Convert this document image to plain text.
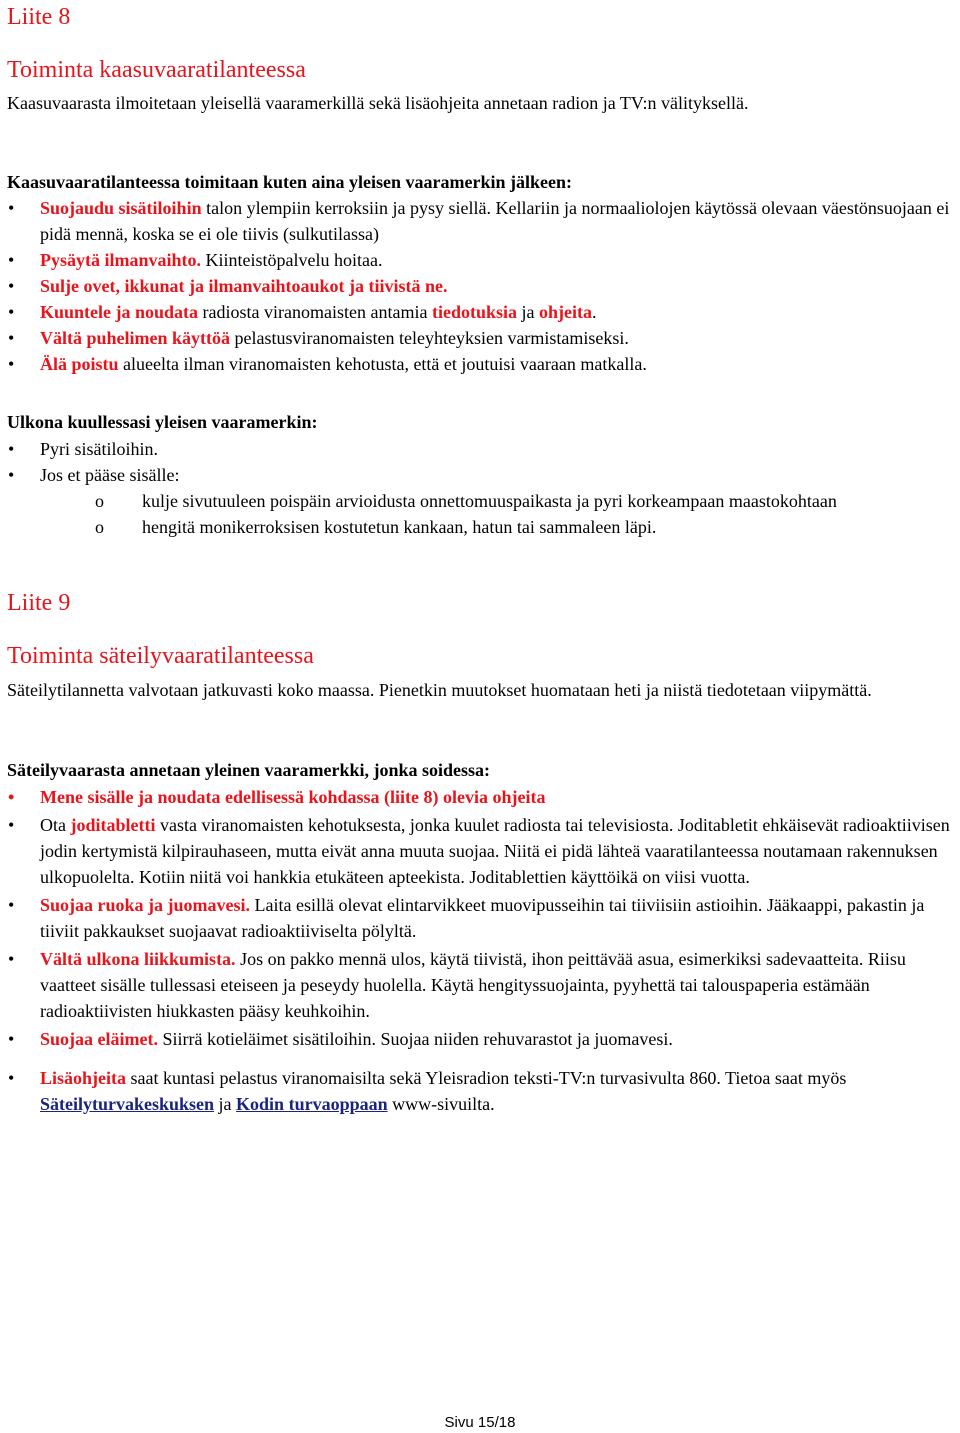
Liite 8
Toiminta kaasuvaaratilanteessa
Kaasuvaarasta ilmoitetaan yleisellä vaaramerkillä sekä lisäohjeita annetaan radion ja TV:n välityksellä.
Kaasuvaaratilanteessa toimitaan kuten aina yleisen vaaramerkin jälkeen:
• Suojaudu sisätiloihin talon ylempiin kerroksiin ja pysy siellä. Kellariin ja normaaliolojen käytössä olevaan väestönsuojaan ei pidä mennä, koska se ei ole tiivis (sulkutilassa)
• Pysäytä ilmanvaihto. Kiinteistöpalvelu hoitaa.
• Sulje ovet, ikkunat ja ilmanvaihtoaukot ja tiivistä ne.
• Kuuntele ja noudata radiosta viranomaisten antamia tiedotuksia ja ohjeita.
• Vältä puhelimen käyttöä pelastusviranomaisten teleyhteyksien varmistamiseksi.
• Älä poistu alueelta ilman viranomaisten kehotusta, että et joutuisi vaaraan matkalla.
Ulkona kuullessasi yleisen vaaramerkin:
• Pyri sisätiloihin.
• Jos et pääse sisälle:
o kulje sivutuuleen poispäin arvioidusta onnettomuuspaikasta ja pyri korkeampaan maastokohtaan
o hengitä monikerroksisen kostutetun kankaan, hatun tai sammaleen läpi.
Liite 9
Toiminta säteilyvaaratilanteessa
Säteilytilannetta valvotaan jatkuvasti koko maassa. Pienetkin muutokset huomataan heti ja niistä tiedotetaan viipymättä.
Säteilyvaarasta annetaan yleinen vaaramerkki, jonka soidessa:
• Mene sisälle ja noudata edellisessä kohdassa (liite 8) olevia ohjeita
• Ota joditabletti vasta viranomaisten kehotuksesta, jonka kuulet radiosta tai televisiosta. Joditabletit ehkäisevät radioaktiivisen jodin kertymistä kilpirauhaseen, mutta eivät anna muuta suojaa. Niitä ei pidä lähteä vaaratilanteessa noutamaan rakennuksen ulkopuolelta. Kotiin niitä voi hankkia etukäteen apteekista. Joditablettien käyttöikä on viisi vuotta.
• Suojaa ruoka ja juomavesi. Laita esillä olevat elintarvikkeet muovipusseihin tai tiiviisiin astioihin. Jääkaappi, pakastin ja tiiviit pakkaukset suojaavat radioaktiiviselta pölyltä.
• Vältä ulkona liikkumista. Jos on pakko mennä ulos, käytä tiivistä, ihon peittävää asua, esimerkiksi sadevaatteita. Riisu vaatteet sisälle tullessasi eteiseen ja peseydy huolella. Käytä hengityssuojainta, pyyhettä tai talouspaperia estämään radioaktiivisten hiukkasten pääsy keuhkoihin.
• Suojaa eläimet. Siirrä kotieläimet sisätiloihin. Suojaa niiden rehuvarastot ja juomavesi.
• Lisäohjeita saat kuntasi pelastus viranomaisilta sekä Yleisradion teksti-TV:n turvasivulta 860. Tietoa saat myös Säteilyturvakeskuksen ja Kodin turvaoppaan www-sivuilta.
Sivu 15/18
